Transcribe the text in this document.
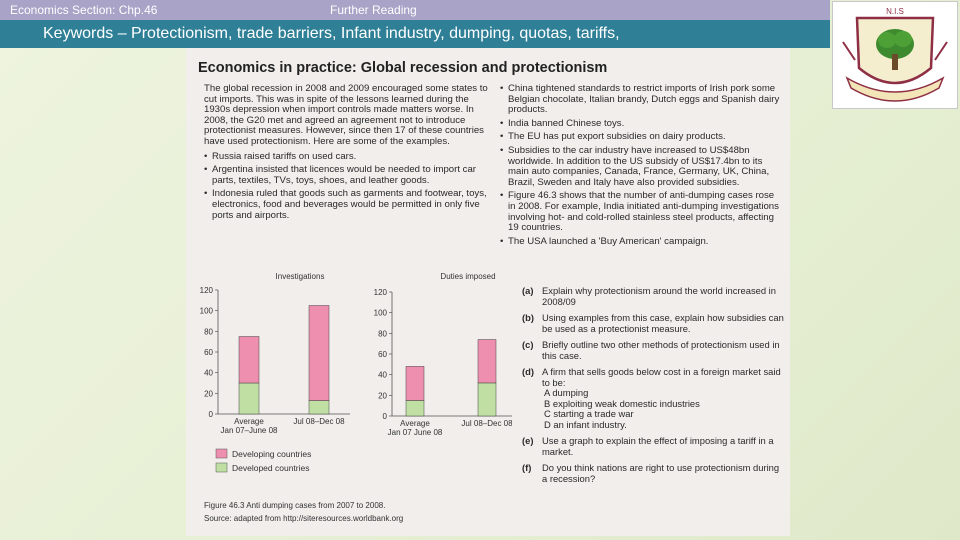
Economics Section: Chp.46	Further Reading
Keywords – Protectionism, trade barriers, Infant industry, dumping, quotas, tariffs,
N.I.S
Economics in practice: Global recession and protectionism

The global recession in 2008 and 2009 encouraged some states to cut imports. This was in spite of the lessons learned during the 1930s depression when import controls made matters worse. In 2008, the G20 met and agreed an agreement not to introduce protectionist measures. However, since then 17 of these countries have used protectionism. Here are some of the examples.

• Russia raised tariffs on used cars.
• Argentina insisted that licences would be needed to import car parts, textiles, TVs, toys, shoes, and leather goods.
• Indonesia ruled that goods such as garments and footwear, toys, electronics, food and beverages would be permitted in only five ports and airports.
• China tightened standards to restrict imports of Irish pork some Belgian chocolate, Italian brandy, Dutch eggs and Spanish dairy products.
• India banned Chinese toys.
• The EU has put export subsidies on dairy products.
• Subsidies to the car industry have increased to US$48bn worldwide. In addition to the US subsidy of US$17.4bn to its main auto companies, Canada, France, Germany, UK, China, Brazil, Sweden and Italy have also provided subsidies.
• Figure 46.3 shows that the number of anti-dumping cases rose in 2008. For example, India initiated anti-dumping investigations involving hot- and cold-rolled stainless steel products, affecting 19 countries.
• The USA launched a 'Buy American' campaign.
Investigations
0
20
40
60
80
100
120
Average
Jan 07–June 08
Jul 08–Dec 08
Duties imposed
0
20
40
60
80
100
120
Average
Jan 07 June 08
Jul 08–Dec 08
Developing countries
Developed countries
Figure 46.3 Anti dumping cases from 2007 to 2008.
Source: adapted from http://siteresources.worldbank.org
(a) Explain why protectionism around the world increased in 2008/09
(b) Using examples from this case, explain how subsidies can be used as a protectionist measure.
(c) Briefly outline two other methods of protectionism used in this case.
(d) A firm that sells goods below cost in a foreign market said to be:
A dumping
B exploiting weak domestic industries
C starting a trade war
D an infant industry.
(e) Use a graph to explain the effect of imposing a tariff in a market.
(f) Do you think nations are right to use protectionism during a recession?
